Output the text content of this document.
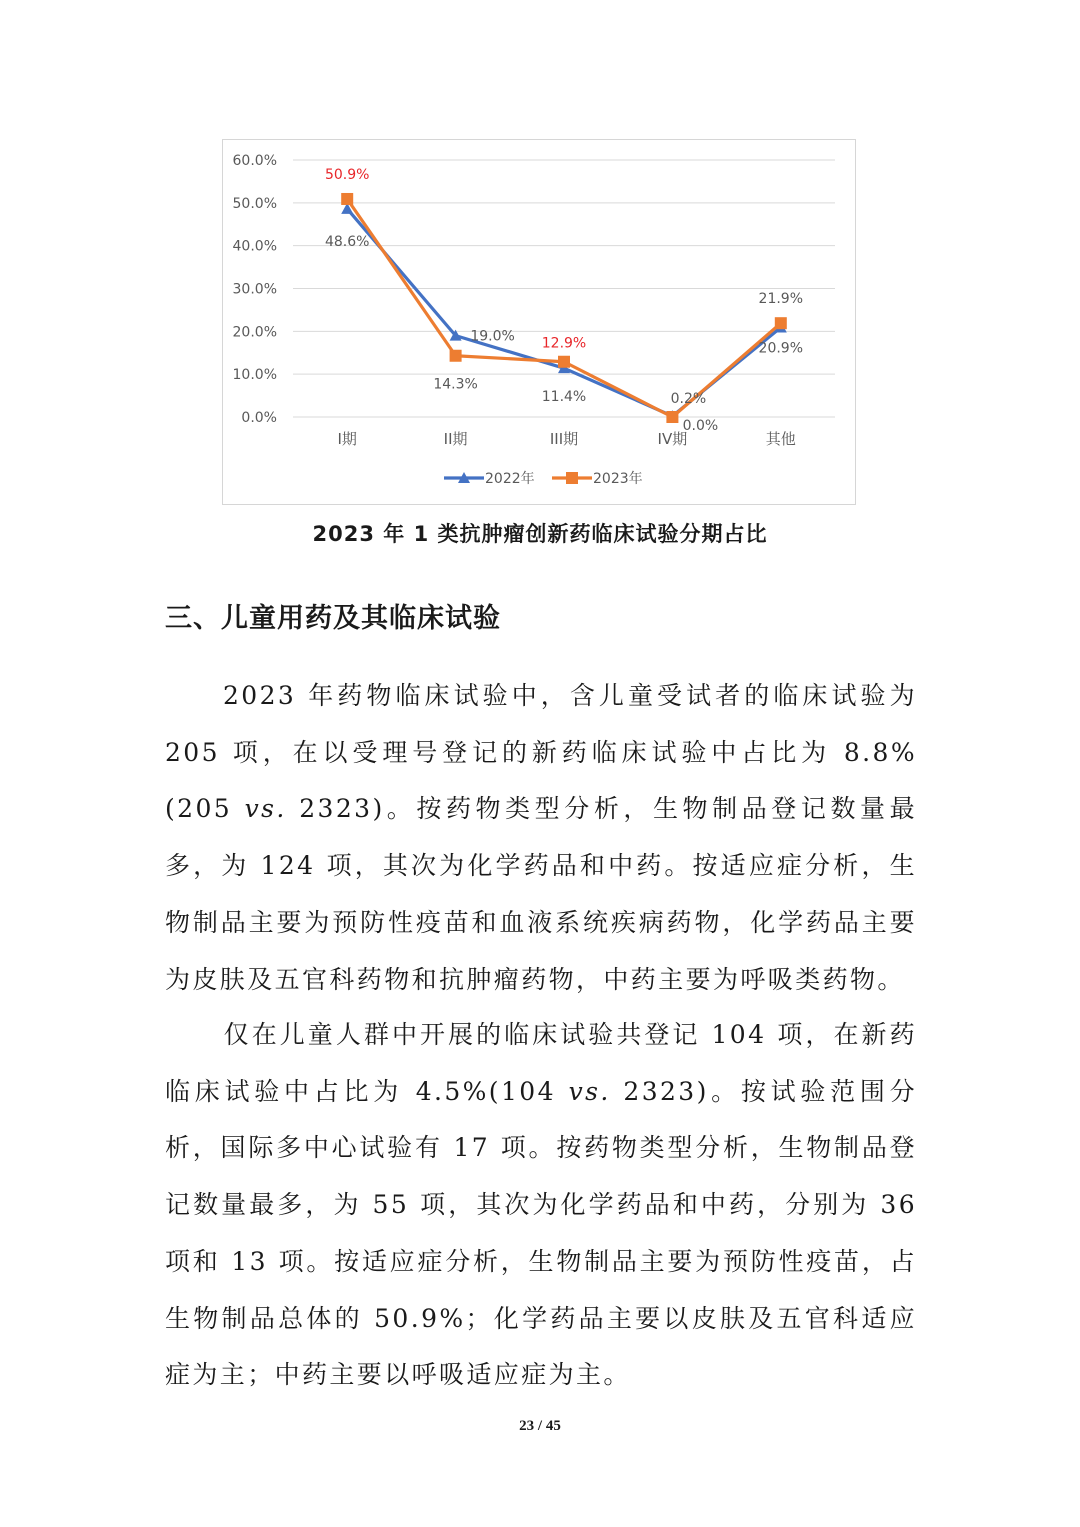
0.0%
10.0%
20.0%
30.0%
40.0%
50.0%
60.0%
I期	II期	III期	IV期	其他
48.6%
19.0%
11.4%	0.2%
20.9%
50.9%
14.3%
12.9%
0.0%
21.9%
2022年	2023年
2023 年 1 类抗肿瘤创新药临床试验分期占比
三、儿童用药及其临床试验

2023 年药物临床试验中，含儿童受试者的临床试验为 205 项，在以受理号登记的新药临床试验中占比为 8.8%(205 vs. 2323)。按药物类型分析，生物制品登记数量最多，为 124 项，其次为化学药品和中药。按适应症分析，生物制品主要为预防性疫苗和血液系统疾病药物，化学药品主要为皮肤及五官科药物和抗肿瘤药物，中药主要为呼吸类药物。

仅在儿童人群中开展的临床试验共登记 104 项，在新药临床试验中占比为 4.5%(104 vs. 2323)。按试验范围分析，国际多中心试验有 17 项。按药物类型分析，生物制品登记数量最多，为 55 项，其次为化学药品和中药，分别为 36 项和 13 项。按适应症分析，生物制品主要为预防性疫苗，占生物制品总体的 50.9%；化学药品主要以皮肤及五官科适应症为主；中药主要以呼吸适应症为主。

23 / 45
